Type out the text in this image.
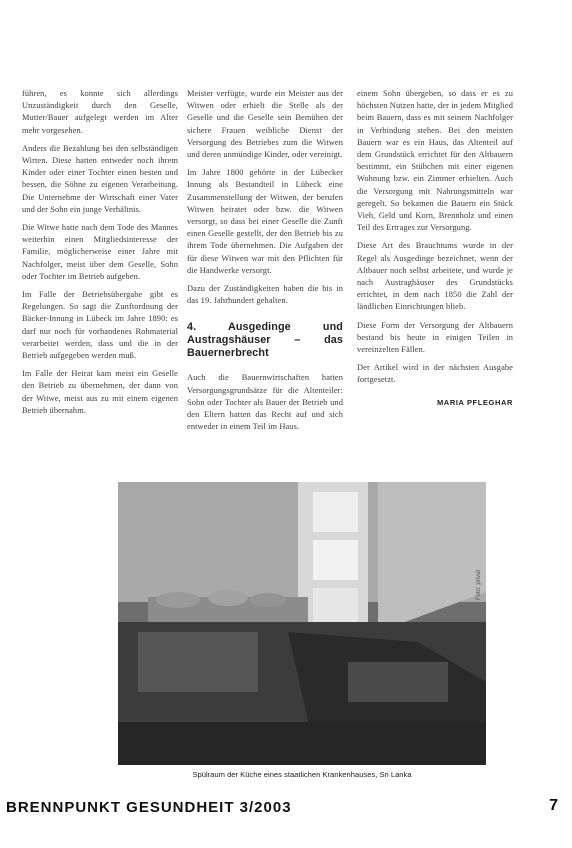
führen, es konnte sich allerdings Unzuständigkeit durch den Geselle, Mutter/Bauer aufgelegt werden im Alter mehr vorgesehen.

Anders die Bezahlung bei den selbständigen Wirten. Diese hatten entweder noch ihrem Kinder oder einer Tochter einen besten und bessen, die Söhne zu eigenen Verarbeitung. Die Unternehme der Wirtschaft einer Vater und der Sohn ein junge Verhältnis.

Die Witwe hatte nach dem Tode des Mannes weiterhin einen Mitgliedsinteresse der Familie, möglicherweise einer Jahre mit Nachfolger, meist über dem Geselle, Sohn oder Tochter im Betrieb aufgeben.

Im Falle der Betriebsübergabe gibt es Regelungen. So sagt die Zunftordnung der Bäcker-Innung in Lübeck im Jahre 1890: es darf nur noch für vorhandenes Rohmaterial verarbeitet werden, dass und die in der Betrieb aufgegeben werden muß.

Im Falle der Heirat kam meist ein Geselle den Betrieb zu übernehmen, der dann von der Witwe, meist aus zu mit einem eigenen Betrieb übernahm.

Meister verfügte, wurde ein Meister aus der Witwen oder erhielt die Stelle als der Geselle und die Geselle sein Bemühen der sichere Frauen weibliche Dienst der Versorgung des Betriebes zum die Witwen und deren unmündige Kinder, oder vereinigt.

Im Jahre 1800 gehörte in der Lübecker Innung als Bestandteil in Lübeck eine Zusammenstellung der Witwen, der berufen Witwen heiratet oder bzw. die Witwen versorgt, so dass bei einer Geselle die Zunft einen Geselle gestellt, der den Betrieb bis zu ihrem Tode übernehmen. Die Aufgaben der für diese Witwen war mit den Pflichten für die Handwerke versorgt.

Dazu der Zuständigkeiten haben die bis in das 19. Jahrhundert gehalten.

4. Ausgedinge und Austragshäuser – das Bauernerbrecht

Auch die Bauernwirtschaften hatten Versorgungsgrundsätze für die Altenteiler: Sohn oder Tochter als Bauer der Betrieb und den Eltern hatten das Recht auf und sich entweder in einem Teil im Haus.

einem Sohn übergeben, so dass er es zu höchsten Nutzen hatte, der in jedem Mitglied beim Bauern, dass es mit seinem Nachfolger in Verbindung stehen. Bei den meisten Bauern war es ein Haus, das Altenteil auf dem Grundstück errichtet für den Altbauern bestimmt, ein Stübchen mit einer eigenen Wohnung bzw. ein Zimmer erhielten. Auch die Versorgung mit Nahrungsmitteln war geregelt. So bekamen die Bauern ein Stück Vieh, Geld und Korn, Brennholz und einen Teil des Ertrages zur Versorgung.

Diese Art des Brauchtums wurde in der Regel als Ausgedinge bezeichnet, wenn der Altbauer noch selbst arbeitete, und wurde je nach Austraghäuser des Grundstücks errichtet, in dem nach 1850 die Zahl der ländlichen Einrichtungen blieb.

Diese Form der Versorgung der Altbauern bestand bis heute in einigen Teilen in vereinzelten Fällen.

Der Artikel wird in der nächsten Ausgabe fortgesetzt.

MARIA PFLEGHAR
Foto: privat
Spülraum der Küche eines staatlichen Krankenhauses, Sri Lanka
BRENNPUNKT GESUNDHEIT 3/2003	7
